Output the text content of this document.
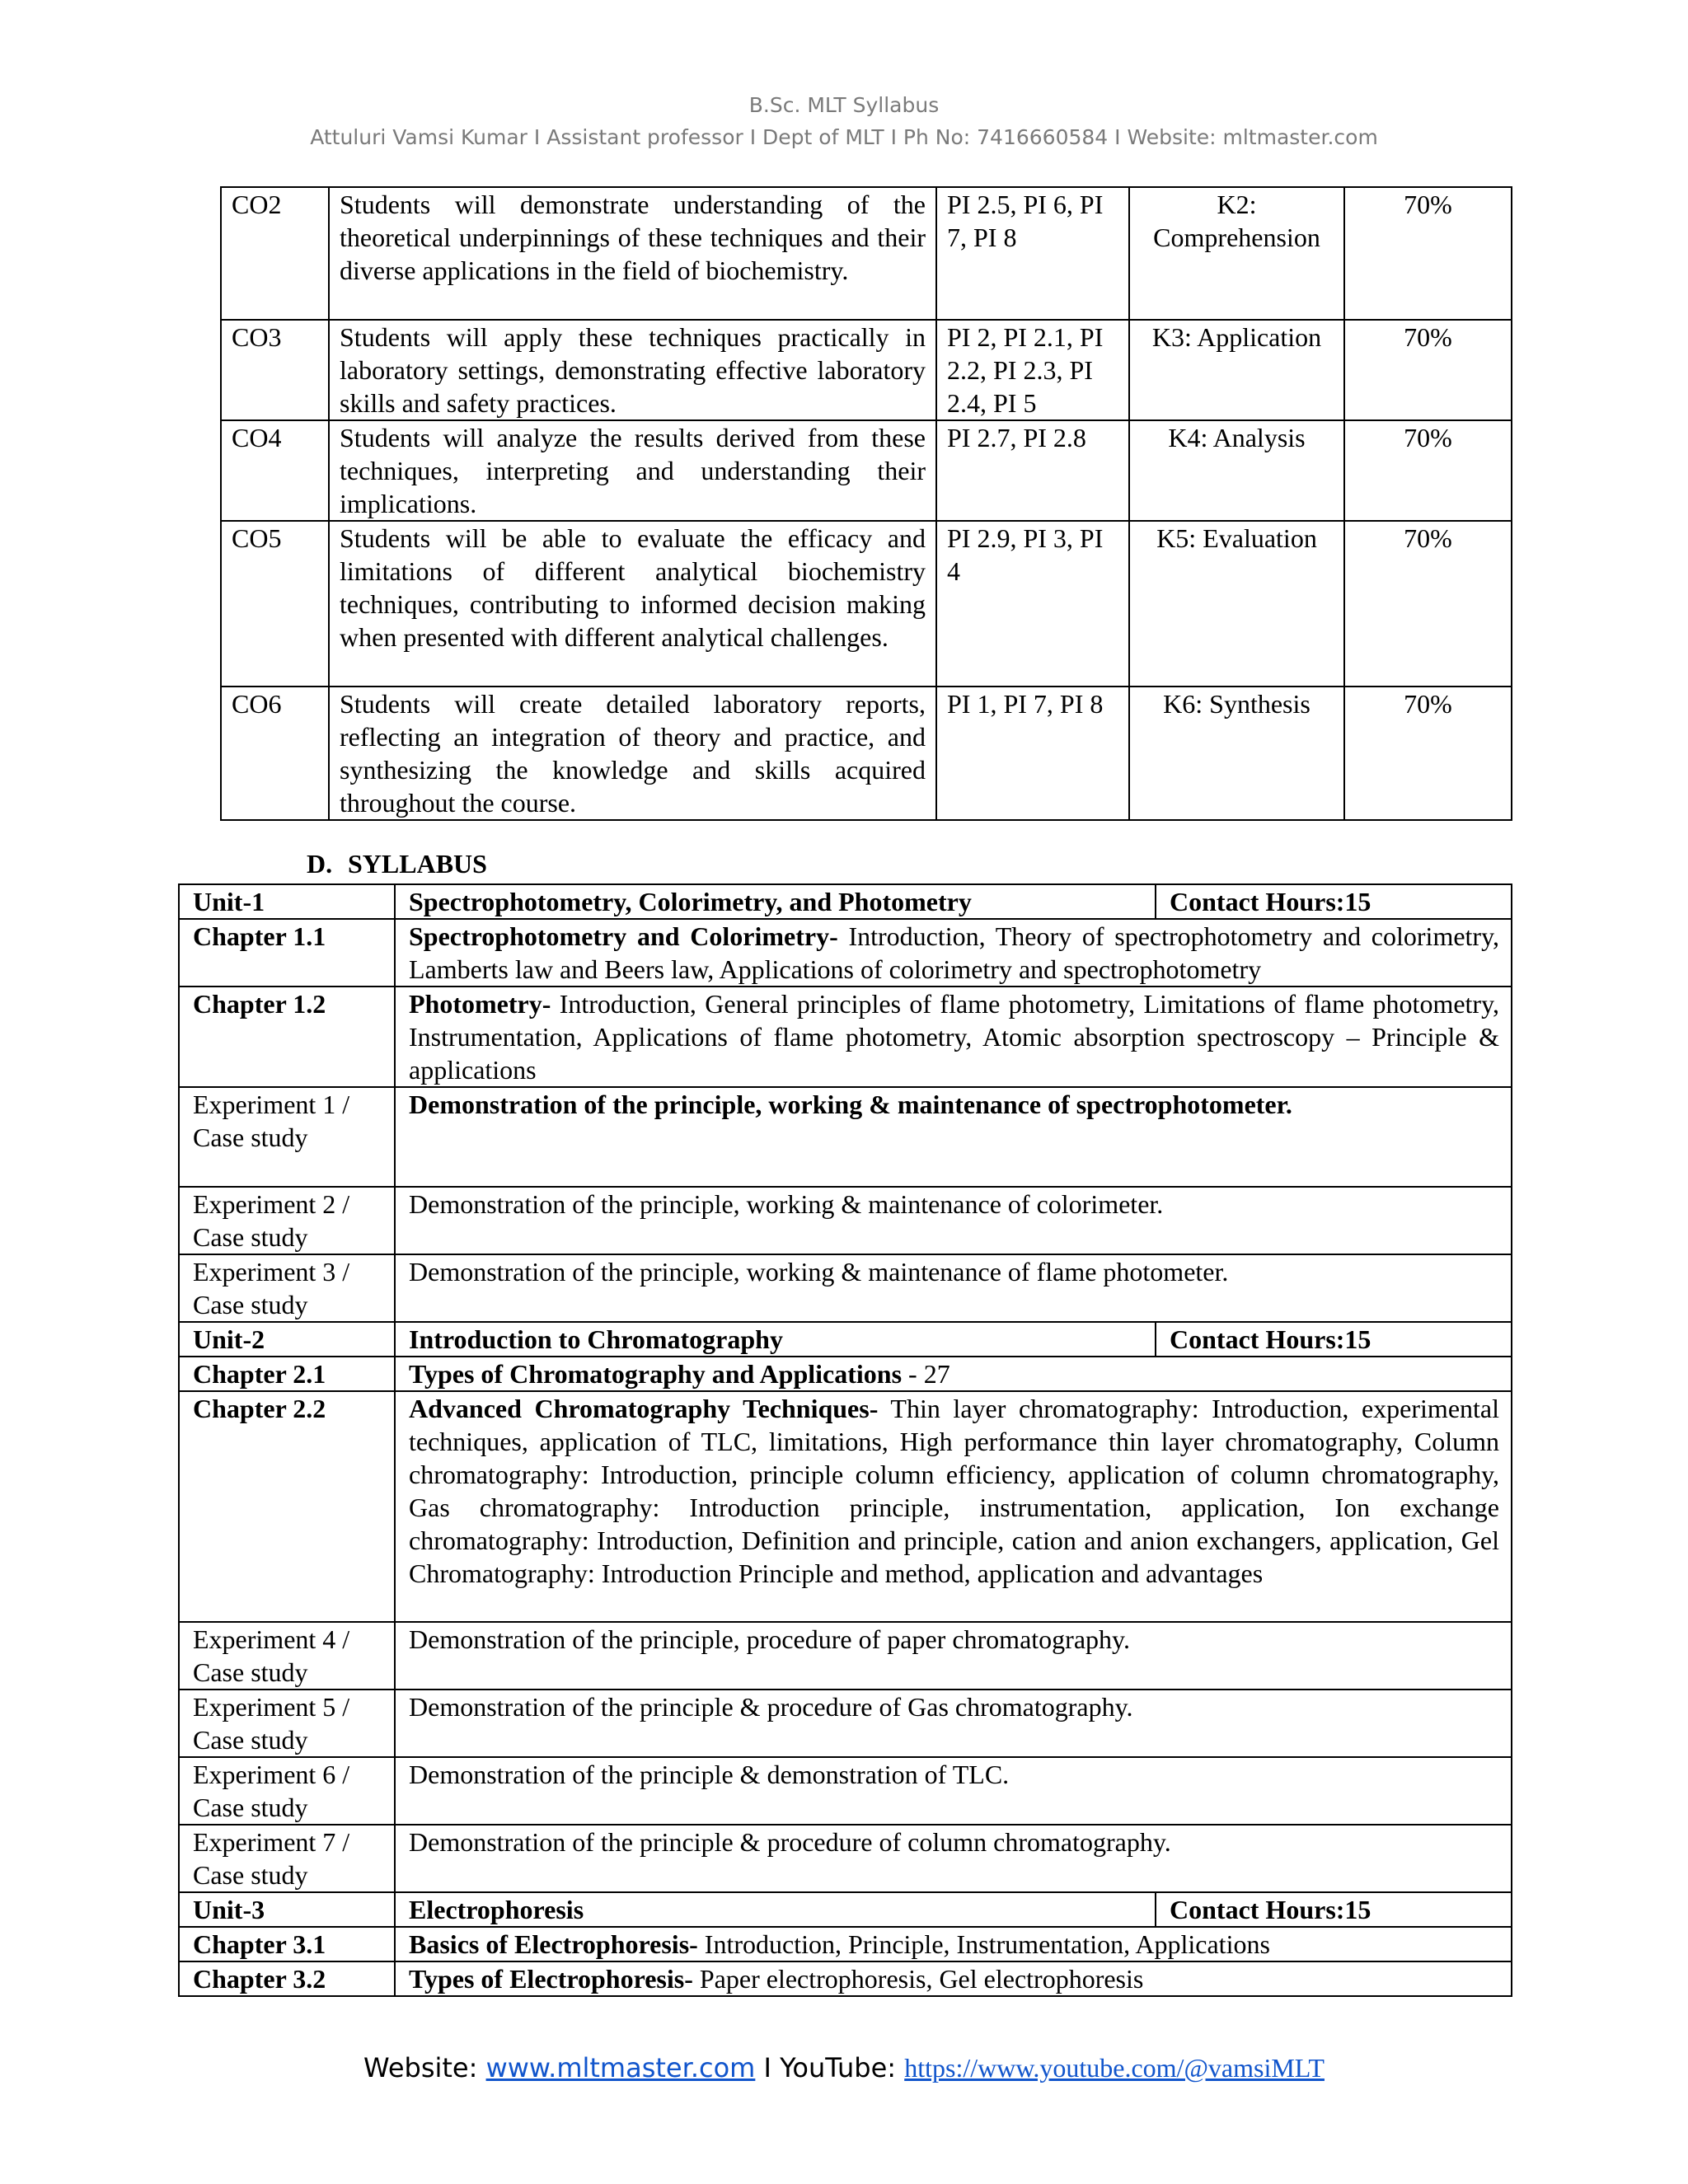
B.Sc. MLT Syllabus
Attuluri Vamsi Kumar I Assistant professor I Dept of MLT I Ph No: 7416660584 I Website: mltmaster.com
CO2	Students will demonstrate understanding of the theoretical underpinnings of these techniques and their diverse applications in the field of biochemistry.	PI 2.5, PI 6, PI 7, PI 8	K2: Comprehension	70%
CO3	Students will apply these techniques practically in laboratory settings, demonstrating effective laboratory skills and safety practices.	PI 2, PI 2.1, PI 2.2, PI 2.3, PI 2.4, PI 5	K3: Application	70%
CO4	Students will analyze the results derived from these techniques, interpreting and understanding their implications.	PI 2.7, PI 2.8	K4: Analysis	70%
CO5	Students will be able to evaluate the efficacy and limitations of different analytical biochemistry techniques, contributing to informed decision making when presented with different analytical challenges.	PI 2.9, PI 3, PI 4	K5: Evaluation	70%
CO6	Students will create detailed laboratory reports, reflecting an integration of theory and practice, and synthesizing the knowledge and skills acquired throughout the course.	PI 1, PI 7, PI 8	K6: Synthesis	70%
D. SYLLABUS
Unit-1	Spectrophotometry, Colorimetry, and Photometry	Contact Hours:15
Chapter 1.1	Spectrophotometry and Colorimetry- Introduction, Theory of spectrophotometry and colorimetry, Lamberts law and Beers law, Applications of colorimetry and spectrophotometry	
Chapter 1.2	Photometry- Introduction, General principles of flame photometry, Limitations of flame photometry, Instrumentation, Applications of flame photometry, Atomic absorption spectroscopy – Principle & applications	
Experiment 1 / Case study	Demonstration of the principle, working & maintenance of spectrophotometer.	
Experiment 2 / Case study	Demonstration of the principle, working & maintenance of colorimeter.	
Experiment 3 / Case study	Demonstration of the principle, working & maintenance of flame photometer.	
Unit-2	Introduction to Chromatography	Contact Hours:15
Chapter 2.1	Types of Chromatography and Applications - 27	
Chapter 2.2	Advanced Chromatography Techniques- Thin layer chromatography: Introduction, experimental techniques, application of TLC, limitations, High performance thin layer chromatography, Column chromatography: Introduction, principle column efficiency, application of column chromatography, Gas chromatography: Introduction principle, instrumentation, application, Ion exchange chromatography: Introduction, Definition and principle, cation and anion exchangers, application, Gel Chromatography: Introduction Principle and method, application and advantages	
Experiment 4 / Case study	Demonstration of the principle, procedure of paper chromatography.	
Experiment 5 / Case study	Demonstration of the principle & procedure of Gas chromatography.	
Experiment 6 / Case study	Demonstration of the principle & demonstration of TLC.	
Experiment 7 / Case study	Demonstration of the principle & procedure of column chromatography.	
Unit-3	Electrophoresis	Contact Hours:15
Chapter 3.1	Basics of Electrophoresis- Introduction, Principle, Instrumentation, Applications	
Chapter 3.2	Types of Electrophoresis- Paper electrophoresis, Gel electrophoresis	
Website: www.mltmaster.com I YouTube: https://www.youtube.com/@vamsiMLT
